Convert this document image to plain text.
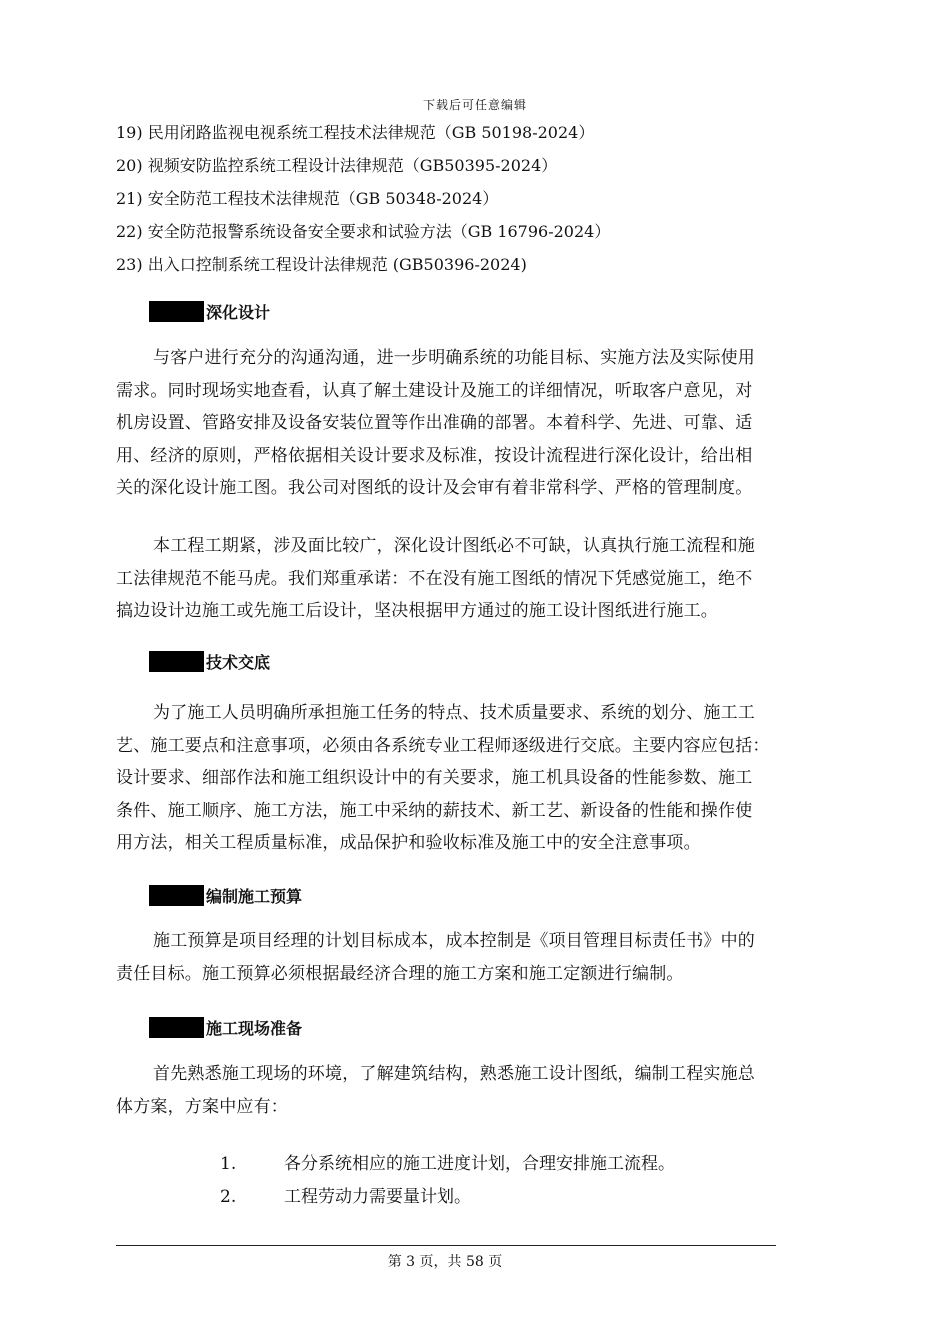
下载后可任意编辑
19) 民用闭路监视电视系统工程技术法律规范（GB 50198-2024）
20) 视频安防监控系统工程设计法律规范（GB50395-2024）
21) 安全防范工程技术法律规范（GB 50348-2024）
22) 安全防范报警系统设备安全要求和试验方法（GB 16796-2024）
23) 出入口控制系统工程设计法律规范 (GB50396-2024)
深化设计
与客户进行充分的沟通沟通，进一步明确系统的功能目标、实施方法及实际使用
需求。同时现场实地查看，认真了解土建设计及施工的详细情况，听取客户意见，对
机房设置、管路安排及设备安装位置等作出准确的部署。本着科学、先进、可靠、适
用、经济的原则，严格依据相关设计要求及标准，按设计流程进行深化设计，给出相
关的深化设计施工图。我公司对图纸的设计及会审有着非常科学、严格的管理制度。
本工程工期紧，涉及面比较广，深化设计图纸必不可缺，认真执行施工流程和施
工法律规范不能马虎。我们郑重承诺：不在没有施工图纸的情况下凭感觉施工，绝不
搞边设计边施工或先施工后设计，坚决根据甲方通过的施工设计图纸进行施工。
技术交底
为了施工人员明确所承担施工任务的特点、技术质量要求、系统的划分、施工工
艺、施工要点和注意事项，必须由各系统专业工程师逐级进行交底。主要内容应包括：
设计要求、细部作法和施工组织设计中的有关要求，施工机具设备的性能参数、施工
条件、施工顺序、施工方法，施工中采纳的薪技术、新工艺、新设备的性能和操作使
用方法，相关工程质量标准，成品保护和验收标准及施工中的安全注意事项。
编制施工预算
施工预算是项目经理的计划目标成本，成本控制是《项目管理目标责任书》中的
责任目标。施工预算必须根据最经济合理的施工方案和施工定额进行编制。
施工现场准备
首先熟悉施工现场的环境，了解建筑结构，熟悉施工设计图纸，编制工程实施总
体方案，方案中应有：
1.	各分系统相应的施工进度计划，合理安排施工流程。
2.	工程劳动力需要量计划。
第 3 页，共 58 页
